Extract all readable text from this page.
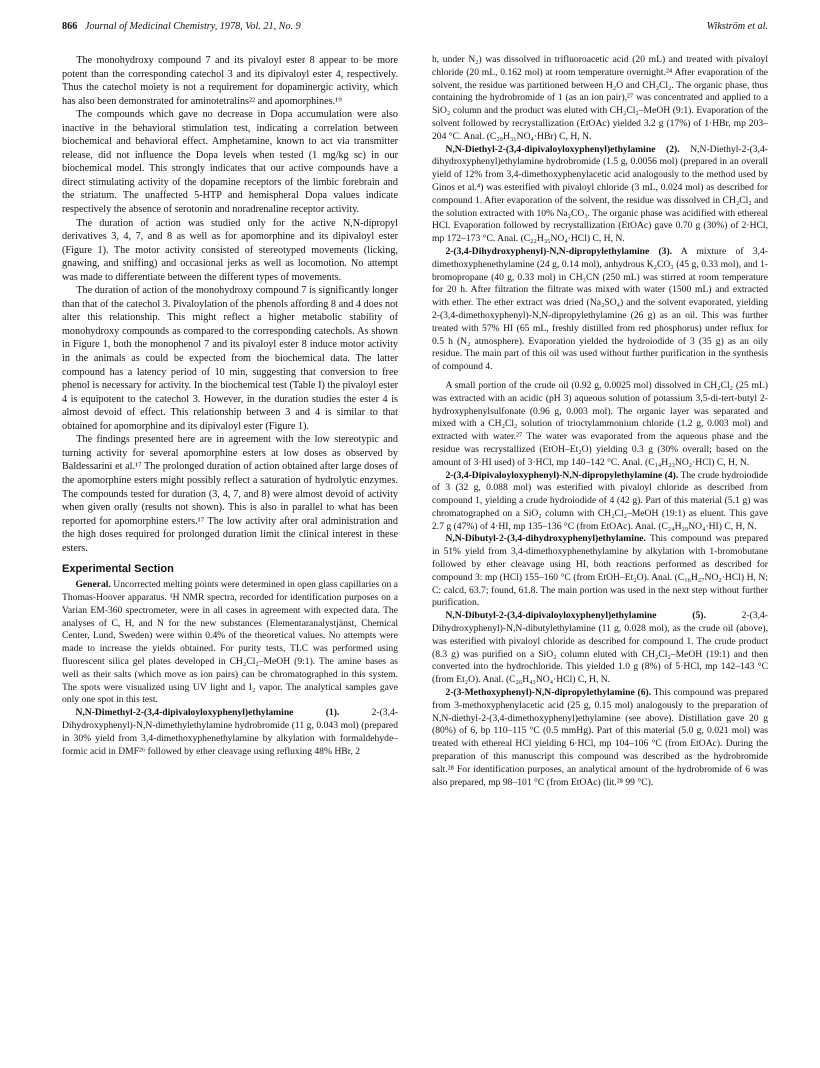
866 Journal of Medicinal Chemistry, 1978, Vol. 21, No. 9	Wikström et al.

The monohydroxy compound 7 and its pivaloyl ester 8 appear to be more potent than the corresponding catechol 3 and its dipivaloyl ester 4, respectively. Thus the catechol moiety is not a requirement for dopaminergic activity, which has also been demonstrated for aminotetralins²² and apomorphines.¹⁹

The compounds which gave no decrease in Dopa accumulation were also inactive in the behavioral stimulation test, indicating a correlation between biochemical and behavioral effect. Amphetamine, known to act via transmitter release, did not influence the Dopa levels when tested (1 mg/kg sc) in our biochemical model. This strongly indicates that our active compounds have a direct stimulating activity of the dopamine receptors of the limbic forebrain and the striatum. The unaffected 5-HTP and hemispheral Dopa values indicate respectively the absence of serotonin and noradrenaline receptor activity.

The duration of action was studied only for the active N,N-dipropyl derivatives 3, 4, 7, and 8 as well as for apomorphine and its dipivaloyl ester (Figure 1). The motor activity consisted of stereotyped movements (licking, gnawing, and sniffing) and occasional jerks as well as locomotion. No attempt was made to differentiate between the different types of movements.

The duration of action of the monohydroxy compound 7 is significantly longer than that of the catechol 3. Pivaloylation of the phenols affording 8 and 4 does not alter this relationship. This might reflect a higher metabolic stability of monohydroxy compounds as compared to the corresponding catechols. As shown in Figure 1, both the monophenol 7 and its pivaloyl ester 8 induce motor activity in the animals as could be expected from the biochemical data. The latter compound has a latency period of 10 min, suggesting that conversion to free phenol is necessary for activity. In the biochemical test (Table I) the pivaloyl ester 4 is equipotent to the catechol 3. However, in the duration studies the ester 4 is almost devoid of effect. This relationship between 3 and 4 is similar to that obtained for apomorphine and its dipivaloyl ester (Figure 1).

The findings presented here are in agreement with the low stereotypic and turning activity for several apomorphine esters at low doses as observed by Baldessarini et al.¹⁷ The prolonged duration of action obtained after large doses of the apomorphine esters might possibly reflect a saturation of hydrolytic enzymes. The compounds tested for duration (3, 4, 7, and 8) were almost devoid of activity when given orally (results not shown). This is also in parallel to what has been reported for apomorphine esters.¹⁷ The low activity after oral administration and the high doses required for prolonged duration limit the clinical interest in these esters.

Experimental Section

General. Uncorrected melting points were determined in open glass capillaries on a Thomas-Hoover apparatus. ¹H NMR spectra, recorded for identification purposes on a Varian EM-360 spectrometer, were in all cases in agreement with expected data. The analyses of C, H, and N for the new substances (Elementaranalystjänst, Chemical Center, Lund, Sweden) were within 0.4% of the theoretical values. No attempts were made to increase the yields obtained. For purity tests, TLC was performed using fluorescent silica gel plates developed in CH₂Cl₂–MeOH (9:1). The amine bases as well as their salts (which move as ion pairs) can be chromatographed in this system. The spots were visualized using UV light and I₂ vapor. The analytical samples gave only one spot in this test.

N,N-Dimethyl-2-(3,4-dipivaloyloxyphenyl)ethylamine (1). 2-(3,4-Dihydroxyphenyl)-N,N-dimethylethylamine hydrobromide (11 g, 0.043 mol) (prepared in 30% yield from 3,4-dimethoxyphenethylamine by alkylation with formaldehyde–formic acid in DMF²⁶ followed by ether cleavage using refluxing 48% HBr, 2

h, under N₂) was dissolved in trifluoroacetic acid (20 mL) and treated with pivaloyl chloride (20 mL, 0.162 mol) at room temperature overnight.²⁴ After evaporation of the solvent, the residue was partitioned between H₂O and CH₂Cl₂. The organic phase, thus containing the hydrobromide of 1 (as an ion pair),²⁷ was concentrated and applied to a SiO₂ column and the product was eluted with CH₂Cl₂–MeOH (9:1). Evaporation of the solvent followed by recrystallization (EtOAc) yielded 3.2 g (17%) of 1·HBr, mp 203–204 °C. Anal. (C₂₀H₃₁NO₄·HBr) C, H, N.

N,N-Diethyl-2-(3,4-dipivaloyloxyphenyl)ethylamine (2). N,N-Diethyl-2-(3,4-dihydroxyphenyl)ethylamine hydrobromide (1.5 g, 0.0056 mol) (prepared in an overall yield of 12% from 3,4-dimethoxyphenylacetic acid analogously to the method used by Ginos et al.⁴) was esterified with pivaloyl chloride (3 mL, 0.024 mol) as described for compound 1. After evaporation of the solvent, the residue was dissolved in CH₂Cl₂ and the solution extracted with 10% Na₂CO₃. The organic phase was acidified with ethereal HCl. Evaporation followed by recrystallization (EtOAc) gave 0.70 g (30%) of 2·HCl, mp 172–173 °C. Anal. (C₂₂H₃₅NO₄·HCl) C, H, N.

2-(3,4-Dihydroxyphenyl)-N,N-dipropylethylamine (3). A mixture of 3,4-dimethoxyphenethylamine (24 g, 0.14 mol), anhydrous K₂CO₃ (45 g, 0.33 mol), and 1-bromopropane (40 g, 0.33 mol) in CH₃CN (250 mL) was stirred at room temperature for 20 h. After filtration the filtrate was mixed with water (1500 mL) and extracted with ether. The ether extract was dried (Na₂SO₄) and the solvent evaporated, yielding 2-(3,4-dimethoxyphenyl)-N,N-dipropylethylamine (26 g) as an oil. This was further treated with 57% HI (65 mL, freshly distilled from red phosphorus) under reflux for 0.5 h (N₂ atmosphere). Evaporation yielded the hydroiodide of 3 (35 g) as an oily residue. The main part of this oil was used without further purification in the synthesis of compound 4.

A small portion of the crude oil (0.92 g, 0.0025 mol) dissolved in CH₂Cl₂ (25 mL) was extracted with an acidic (pH 3) aqueous solution of potassium 3,5-di-tert-butyl 2-hydroxyphenylsulfonate (0.96 g, 0.003 mol). The organic layer was separated and mixed with a CH₂Cl₂ solution of trioctylammonium chloride (1.2 g, 0.003 mol) and extracted with water.²⁷ The water was evaporated from the aqueous phase and the residue was recrystallized (EtOH–Et₂O) yielding 0.3 g (30% overall; based on the amount of 3·HI used) of 3·HCl, mp 140–142 °C. Anal. (C₁₄H₂₃NO₂·HCl) C, H, N.

2-(3,4-Dipivaloyloxyphenyl)-N,N-dipropylethylamine (4). The crude hydroiodide of 3 (32 g, 0.088 mol) was esterified with pivaloyl chloride as described from compound 1, yielding a crude hydroiodide of 4 (42 g). Part of this material (5.1 g) was chromatographed on a SiO₂ column with CH₂Cl₂–MeOH (19:1) as eluent. This gave 2.7 g (47%) of 4·HI, mp 135–136 °C (from EtOAc). Anal. (C₂₄H₃₉NO₄·HI) C, H, N.

N,N-Dibutyl-2-(3,4-dihydroxyphenyl)ethylamine. This compound was prepared in 51% yield from 3,4-dimethoxyphenethylamine by alkylation with 1-bromobutane followed by ether cleavage using HI, both reactions performed as described for compound 3: mp (HCl) 155–160 °C (from EtOH–Et₂O). Anal. (C₁₆H₂₇NO₂·HCl) H, N; C: calcd, 63.7; found, 61.8. The main portion was used in the next step without further purification.

N,N-Dibutyl-2-(3,4-dipivaloyloxyphenyl)ethylamine (5). 2-(3,4-Dihydroxyphenyl)-N,N-dibutylethylamine (11 g, 0.028 mol), as the crude oil (above), was esterified with pivaloyl chloride as described for compound 1. The crude product (8.3 g) was purified on a SiO₂ column eluted with CH₂Cl₂–MeOH (19:1) and then converted into the hydrochloride. This yielded 1.0 g (8%) of 5·HCl, mp 142–143 °C (from Et₂O). Anal. (C₂₆H₄₃NO₄·HCl) C, H, N.

2-(3-Methoxyphenyl)-N,N-dipropylethylamine (6). This compound was prepared from 3-methoxyphenylacetic acid (25 g, 0.15 mol) analogously to the preparation of N,N-diethyl-2-(3,4-dimethoxyphenyl)ethylamine (see above). Distillation gave 20 g (80%) of 6, bp 110–115 °C (0.5 mmHg). Part of this material (5.0 g, 0.021 mol) was treated with ethereal HCl yielding 6·HCl, mp 104–106 °C (from EtOAc). During the preparation of this manuscript this compound was described as the hydrobromide salt.²⁸ For identification purposes, an analytical amount of the hydrobromide of 6 was also prepared, mp 98–101 °C (from EtOAc) (lit.²⁸ 99 °C).
